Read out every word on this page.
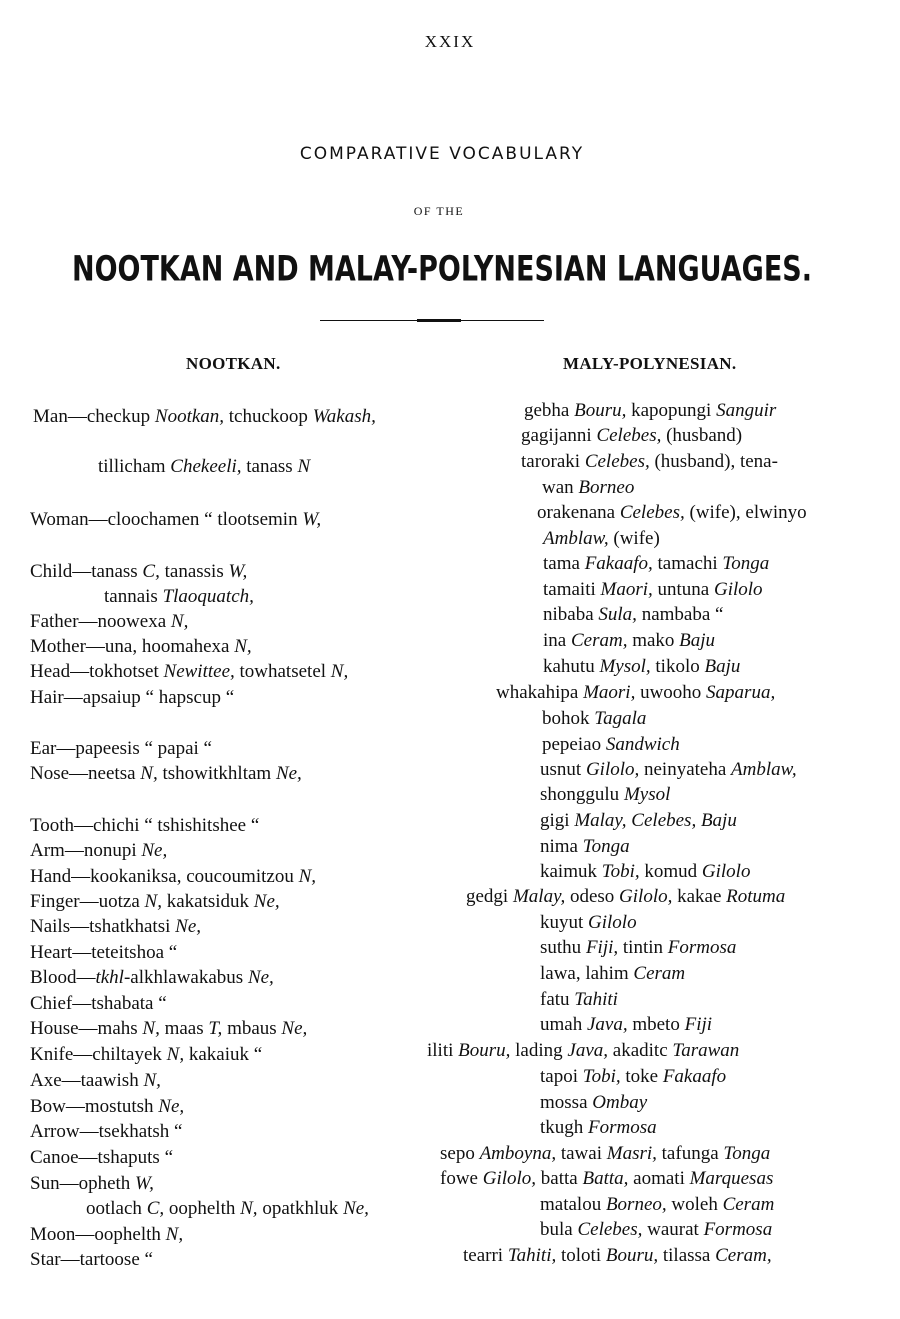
XXIX
COMPARATIVE VOCABULARY
OF THE
NOOTKAN AND MALAY-POLYNESIAN LANGUAGES.
NOOTKAN.	MALY-POLYNESIAN.
Man—checkup Nootkan, tchuckoop Wakash,
tillicham Chekeeli, tanass N
Woman—cloochamen “ tlootsemin W,
Child—tanass C, tanassis W,
tannais Tlaoquatch,
Father—noowexa N,
Mother—una, hoomahexa N,
Head—tokhotset Newittee, towhatsetel N,
Hair—apsaiup “ hapscup “
Ear—papeesis “ papai “
Nose—neetsa N, tshowitkhltam Ne,
Tooth—chichi “ tshishitshee “
Arm—nonupi Ne,
Hand—kookaniksa, coucoumitzou N,
Finger—uotza N, kakatsiduk Ne,
Nails—tshatkhatsi Ne,
Heart—teteitshoa “
Blood—tkhl-alkhlawakabus Ne,
Chief—tshabata “
House—mahs N, maas T, mbaus Ne,
Knife—chiltayek N, kakaiuk “
Axe—taawish N,
Bow—mostutsh Ne,
Arrow—tsekhatsh “
Canoe—tshaputs “
Sun—opheth W,
ootlach C, oophelth N, opatkhluk Ne,
Moon—oophelth N,
Star—tartoose “
gebha Bouru, kapopungi Sanguir
gagijanni Celebes, (husband)
taroraki Celebes, (husband), tena-
wan Borneo
orakenana Celebes, (wife), elwinyo
Amblaw, (wife)
tama Fakaafo, tamachi Tonga
tamaiti Maori, untuna Gilolo
nibaba Sula, nambaba “
ina Ceram, mako Baju
kahutu Mysol, tikolo Baju
whakahipa Maori, uwooho Saparua,
bohok Tagala
pepeiao Sandwich
usnut Gilolo, neinyateha Amblaw,
shonggulu Mysol
gigi Malay, Celebes, Baju
nima Tonga
kaimuk Tobi, komud Gilolo
gedgi Malay, odeso Gilolo, kakae Rotuma
kuyut Gilolo
suthu Fiji, tintin Formosa
lawa, lahim Ceram
fatu Tahiti
umah Java, mbeto Fiji
iliti Bouru, lading Java, akaditc Tarawan
tapoi Tobi, toke Fakaafo
mossa Ombay
tkugh Formosa
sepo Amboyna, tawai Masri, tafunga Tonga
fowe Gilolo, batta Batta, aomati Marquesas
matalou Borneo, woleh Ceram
bula Celebes, waurat Formosa
tearri Tahiti, toloti Bouru, tilassa Ceram,
